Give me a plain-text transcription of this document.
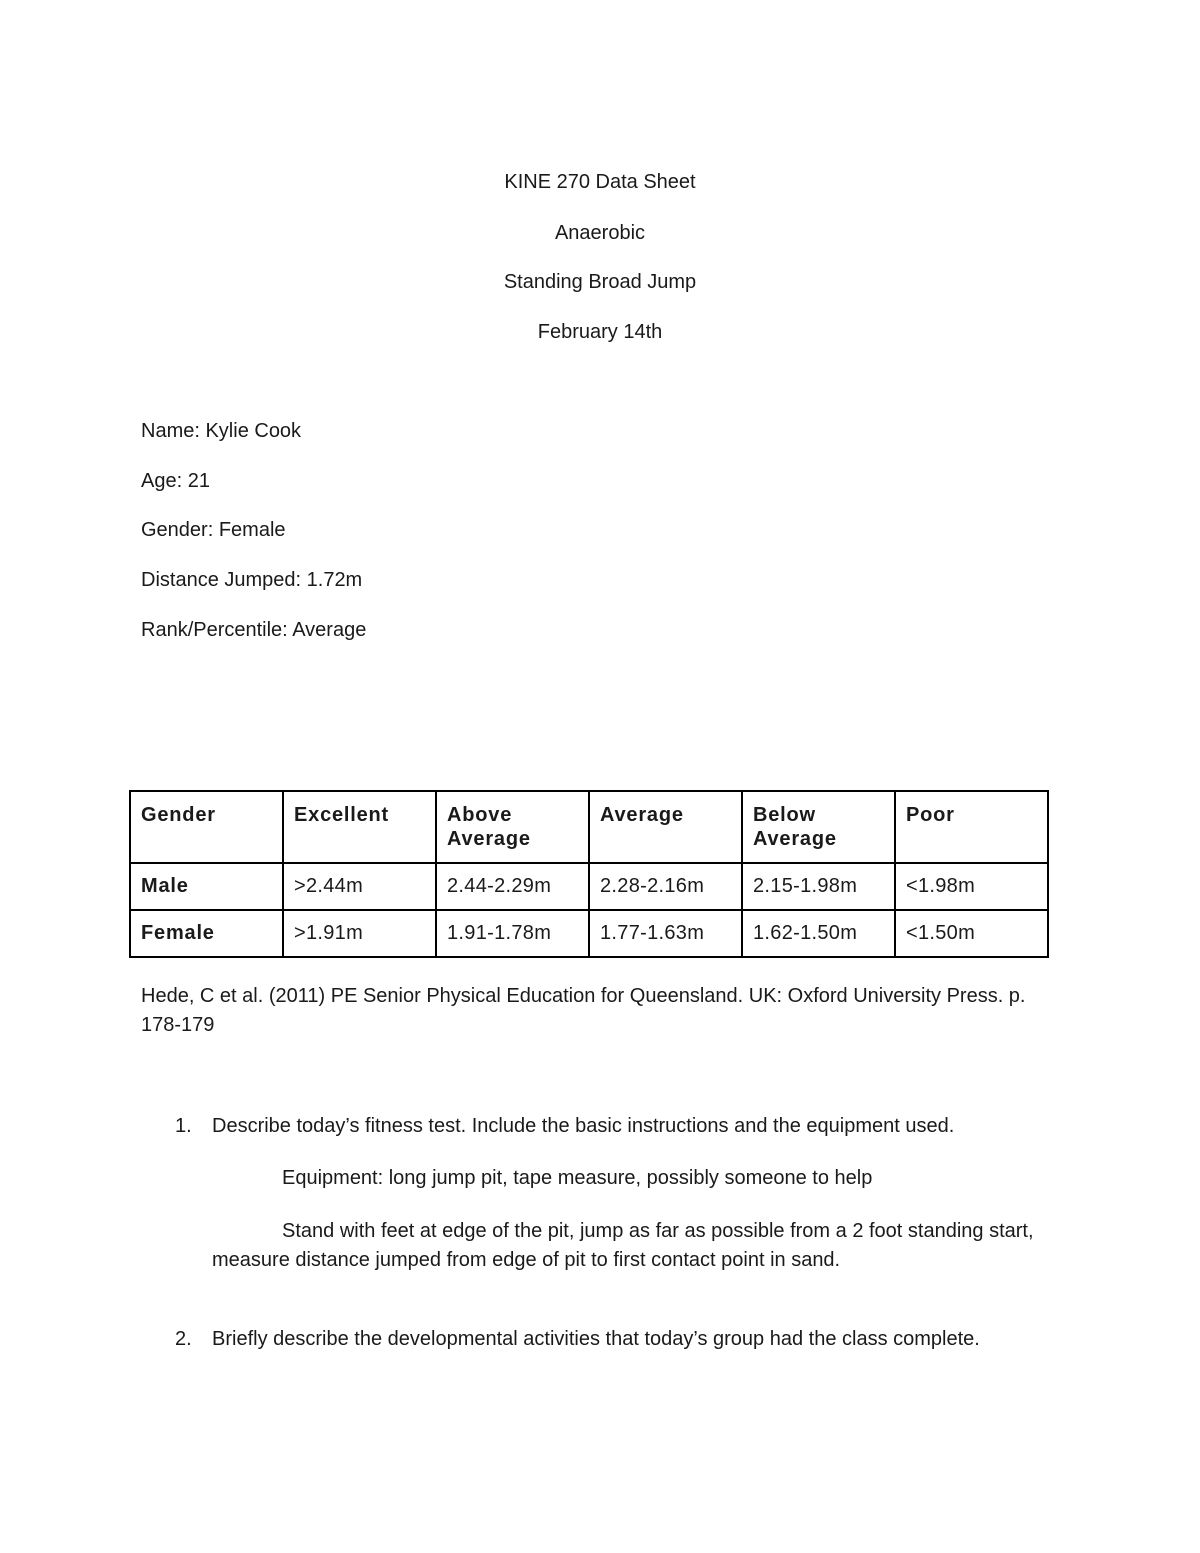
KINE 270 Data Sheet

Anaerobic

Standing Broad Jump

February 14th

Name: Kylie Cook

Age: 21

Gender: Female

Distance Jumped: 1.72m

Rank/Percentile: Average

Gender	Excellent	Above Average	Average	Below Average	Poor
Male	>2.44m	2.44-2.29m	2.28-2.16m	2.15-1.98m	<1.98m
Female	>1.91m	1.91-1.78m	1.77-1.63m	1.62-1.50m	<1.50m

Hede, C et al. (2011) PE Senior Physical Education for Queensland. UK: Oxford University Press. p. 178-179

1. Describe today’s fitness test. Include the basic instructions and the equipment used.

Equipment: long jump pit, tape measure, possibly someone to help

Stand with feet at edge of the pit, jump as far as possible from a 2 foot standing start, measure distance jumped from edge of pit to first contact point in sand.

2. Briefly describe the developmental activities that today’s group had the class complete.
